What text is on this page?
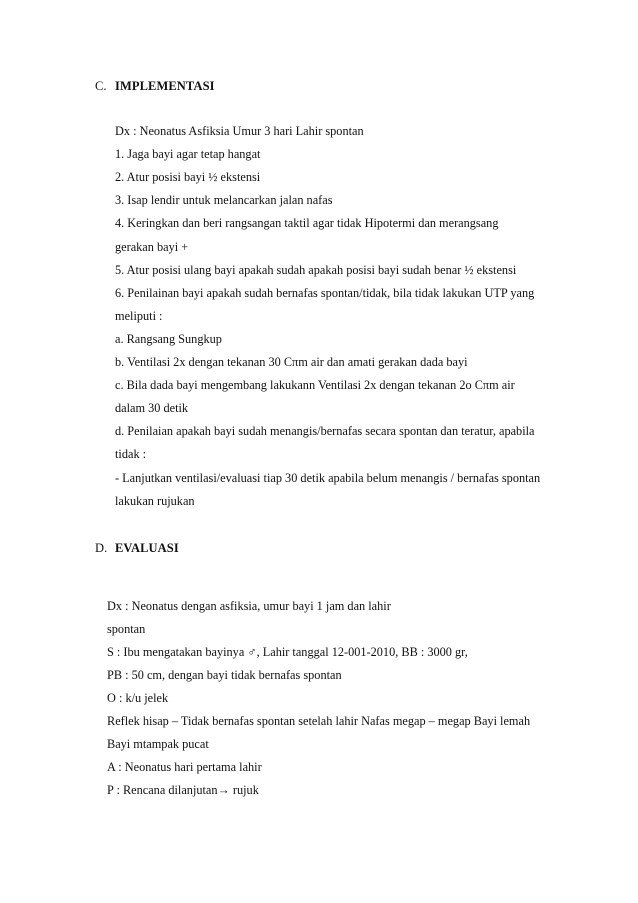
C. IMPLEMENTASI
Dx : Neonatus Asfiksia Umur 3 hari Lahir spontan
1. Jaga bayi agar tetap hangat
2. Atur posisi bayi ½ ekstensi
3. Isap lendir untuk melancarkan jalan nafas
4. Keringkan dan beri rangsangan taktil agar tidak Hipotermi dan merangsang
gerakan bayi +
5. Atur posisi ulang bayi apakah sudah apakah posisi bayi sudah benar ½ ekstensi
6. Penilainan bayi apakah sudah bernafas spontan/tidak, bila tidak lakukan UTP yang
meliputi :
a. Rangsang Sungkup
b. Ventilasi 2x dengan tekanan 30 Cπm air dan amati gerakan dada bayi
c. Bila dada bayi mengembang lakukann Ventilasi 2x dengan tekanan 2o Cπm air
dalam 30 detik
d. Penilaian apakah bayi sudah menangis/bernafas secara spontan dan teratur, apabila
tidak :
- Lanjutkan ventilasi/evaluasi tiap 30 detik apabila belum menangis / bernafas spontan
lakukan rujukan
D. EVALUASI
Dx : Neonatus dengan asfiksia, umur bayi 1 jam dan lahir
spontan
S : Ibu mengatakan bayinya ♂, Lahir tanggal 12-001-2010, BB : 3000 gr,
PB : 50 cm, dengan bayi tidak bernafas spontan
O : k/u jelek
Reflek hisap – Tidak bernafas spontan setelah lahir Nafas megap – megap Bayi lemah
Bayi mtampak pucat
A : Neonatus hari pertama lahir
P : Rencana dilanjutan→ rujuk
